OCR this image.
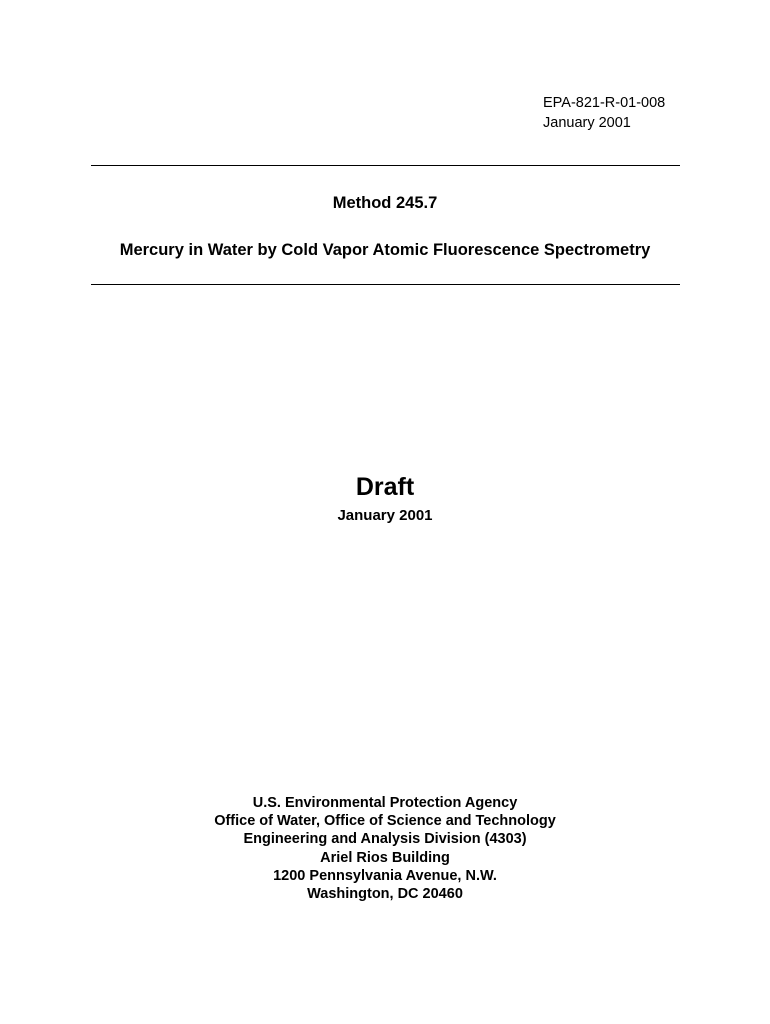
EPA-821-R-01-008
January 2001
Method 245.7
Mercury in Water by Cold Vapor Atomic Fluorescence Spectrometry
Draft
January 2001
U.S. Environmental Protection Agency
Office of Water, Office of Science and Technology
Engineering and Analysis Division (4303)
Ariel Rios Building
1200 Pennsylvania Avenue, N.W.
Washington, DC 20460
